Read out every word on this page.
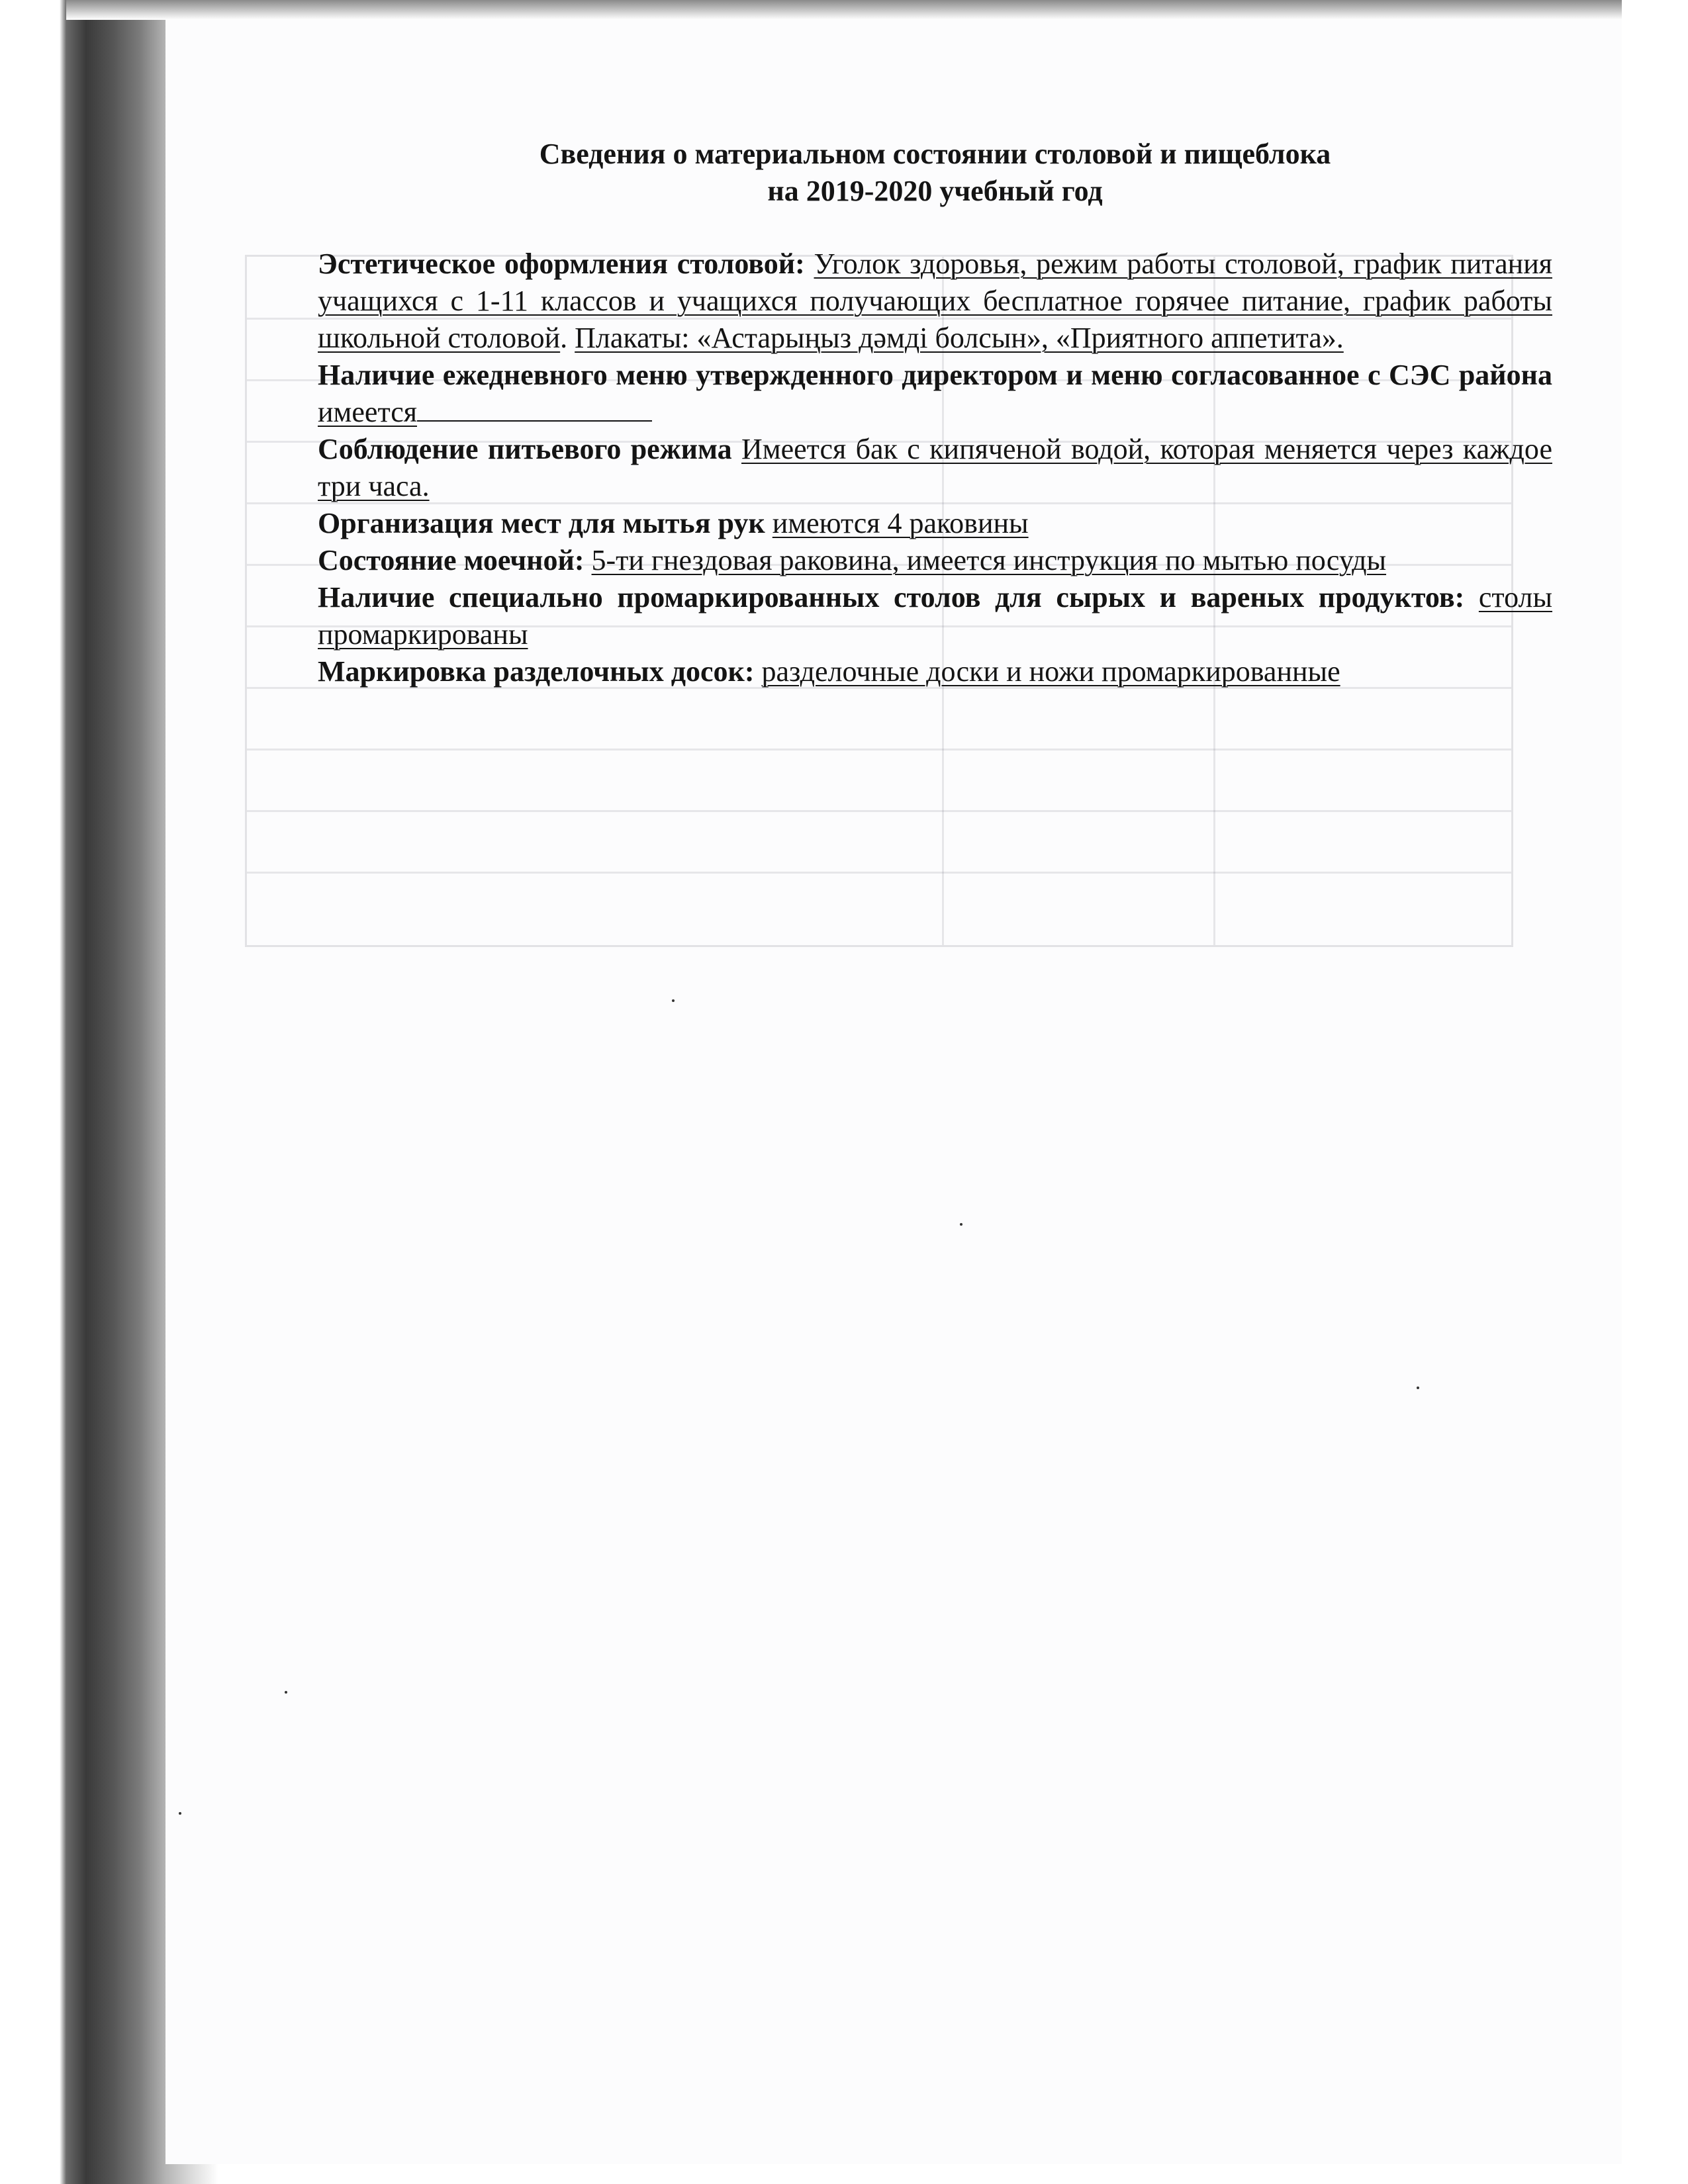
Сведения о материальном состоянии столовой и пищеблока
на 2019-2020 учебный год

Эстетическое оформления столовой: Уголок здоровья, режим работы столовой, график питания учащихся с 1-11 классов и учащихся получающих бесплатное горячее питание, график работы школьной столовой. Плакаты: «Астарыңыз дәмді болсын», «Приятного аппетита».

Наличие ежедневного меню утвержденного директором и меню согласованное с СЭС района имеется

Соблюдение питьевого режима Имеется бак с кипяченой водой, которая меняется через каждое три часа.

Организация мест для мытья рук имеются 4 раковины

Состояние моечной: 5-ти гнездовая раковина, имеется инструкция по мытью посуды

Наличие специально промаркированных столов для сырых и вареных продуктов: столы промаркированы

Маркировка разделочных досок: разделочные доски и ножи промаркированные
